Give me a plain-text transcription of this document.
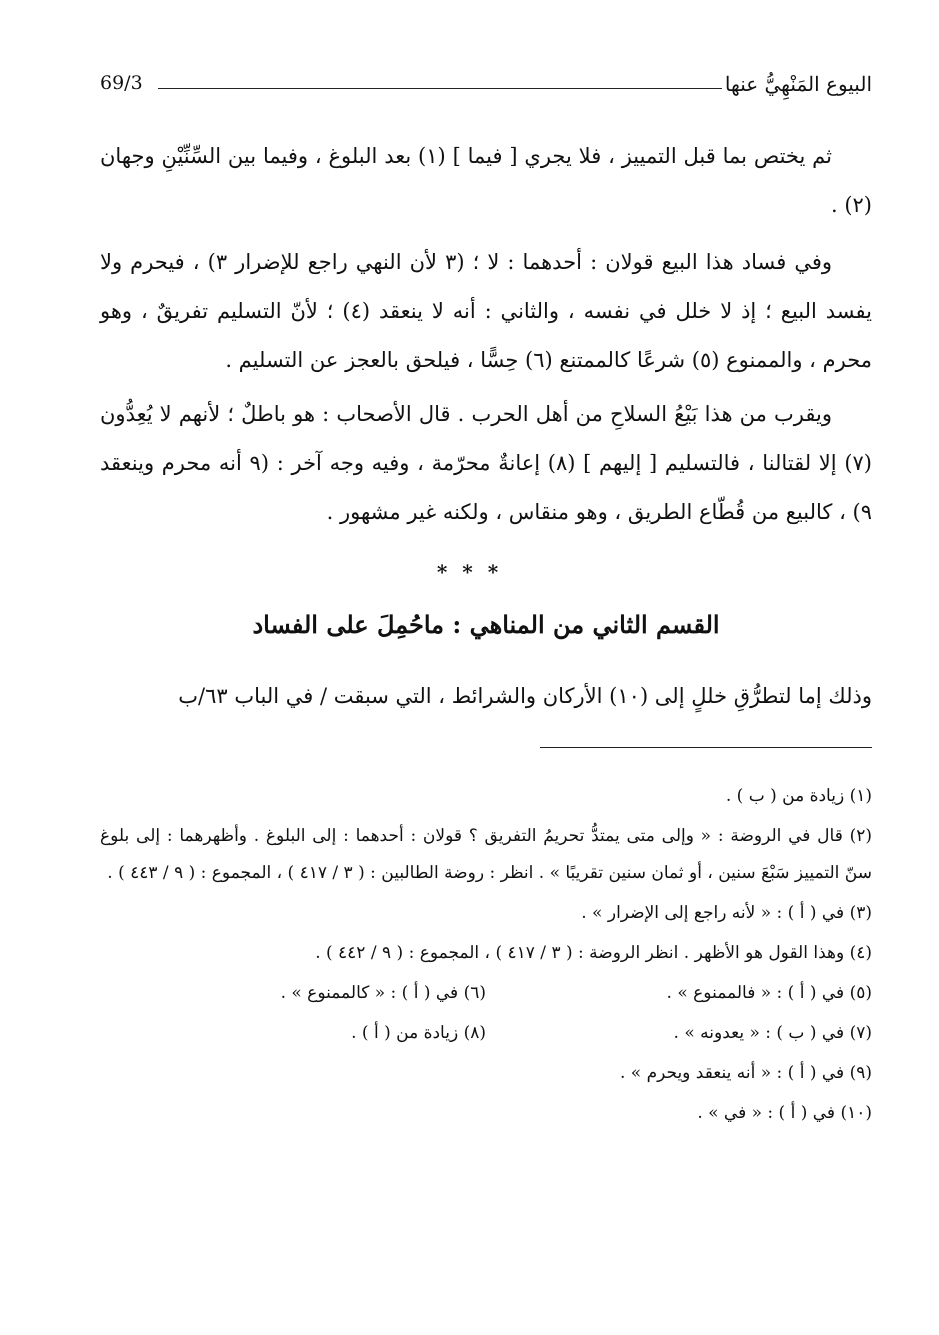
البيوع المَنْهِيُّ عنها
69/3
ثم يختص بما قبل التمييز ، فلا يجري [ فيما ] (١) بعد البلوغ ، وفيما بين السِّنِّيْنِ وجهان (٢) .
وفي فساد هذا البيع قولان : أحدهما : لا ؛ (٣ لأن النهي راجع للإضرار ٣) ، فيحرم ولا يفسد البيع ؛ إذ لا خلل في نفسه ، والثاني : أنه لا ينعقد (٤) ؛ لأنّ التسليم تفريقٌ ، وهو محرم ، والممنوع (٥) شرعًا كالممتنع (٦) حِسًّا ، فيلحق بالعجز عن التسليم .
ويقرب من هذا بَيْعُ السلاحِ من أهل الحرب . قال الأصحاب : هو باطلٌ ؛ لأنهم لا يُعِدُّون (٧) إلا لقتالنا ، فالتسليم [ إليهم ] (٨) إعانةٌ محرّمة ، وفيه وجه آخر : (٩ أنه محرم وينعقد ٩) ، كالبيع من قُطّاع الطريق ، وهو منقاس ، ولكنه غير مشهور .
* * *
القسم الثاني من المناهي : ماحُمِلَ على الفساد
وذلك إما لتطرُّقِ خللٍ إلى (١٠) الأركان والشرائط ، التي سبقت / في الباب ٦٣/ب
(١) زيادة من ( ب ) .
(٢) قال في الروضة : « وإلى متى يمتدُّ تحريمُ التفريق ؟ قولان : أحدهما : إلى البلوغ . وأظهرهما : إلى بلوغ سنّ التمييز سَبْعَ سنين ، أو ثمان سنين تقريبًا » . انظر : روضة الطالبين : ( ٣ / ٤١٧ ) ، المجموع : ( ٩ / ٤٤٣ ) .
(٣) في ( أ ) : « لأنه راجع إلى الإضرار » .
(٤) وهذا القول هو الأظهر . انظر الروضة : ( ٣ / ٤١٧ ) ، المجموع : ( ٩ / ٤٤٢ ) .
(٥) في ( أ ) : « فالممنوع » .
(٦) في ( أ ) : « كالممنوع » .
(٧) في ( ب ) : « يعدونه » .
(٨) زيادة من ( أ ) .
(٩) في ( أ ) : « أنه ينعقد ويحرم » .
(١٠) في ( أ ) : « في » .
